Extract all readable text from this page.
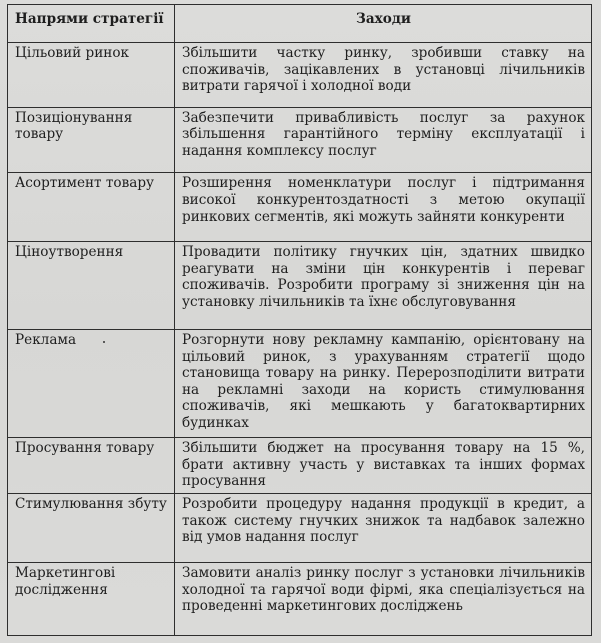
Напрями стратегії	Заходи
Цільовий ринок	Збільшити частку ринку, зробивши ставку на споживачів, зацікавлених в установці лічильників витрати гарячої і холодної води
Позиціонування товару	Забезпечити привабливість послуг за рахунок збільшення гарантійного терміну експлуатації і надання комплексу послуг
Асортимент товару	Розширення номенклатури послуг і підтримання високої конкурентоздатності з метою окупації ринкових сегментів, які можуть зайняти конкуренти
Ціноутворення	Провадити політику гнучких цін, здатних швидко реагувати на зміни цін конкурентів і переваг споживачів. Розробити програму зі зниження цін на установку лічильників та їхнє обслуговування
Реклама	Розгорнути нову рекламну кампанію, орієнтовану на цільовий ринок, з урахуванням стратегії щодо становища товару на ринку. Перерозподілити витрати на рекламні заходи на користь стимулювання споживачів, які мешкають у багатоквартирних будинках
Просування товару	Збільшити бюджет на просування товару на 15 %, брати активну участь у виставках та інших формах просування
Стимулювання збуту	Розробити процедуру надання продукції в кредит, а також систему гнучких знижок та надбавок залежно від умов надання послуг
Маркетингові дослідження	Замовити аналіз ринку послуг з установки лічильників холодної та гарячої води фірмі, яка спеціалізується на проведенні маркетингових досліджень
